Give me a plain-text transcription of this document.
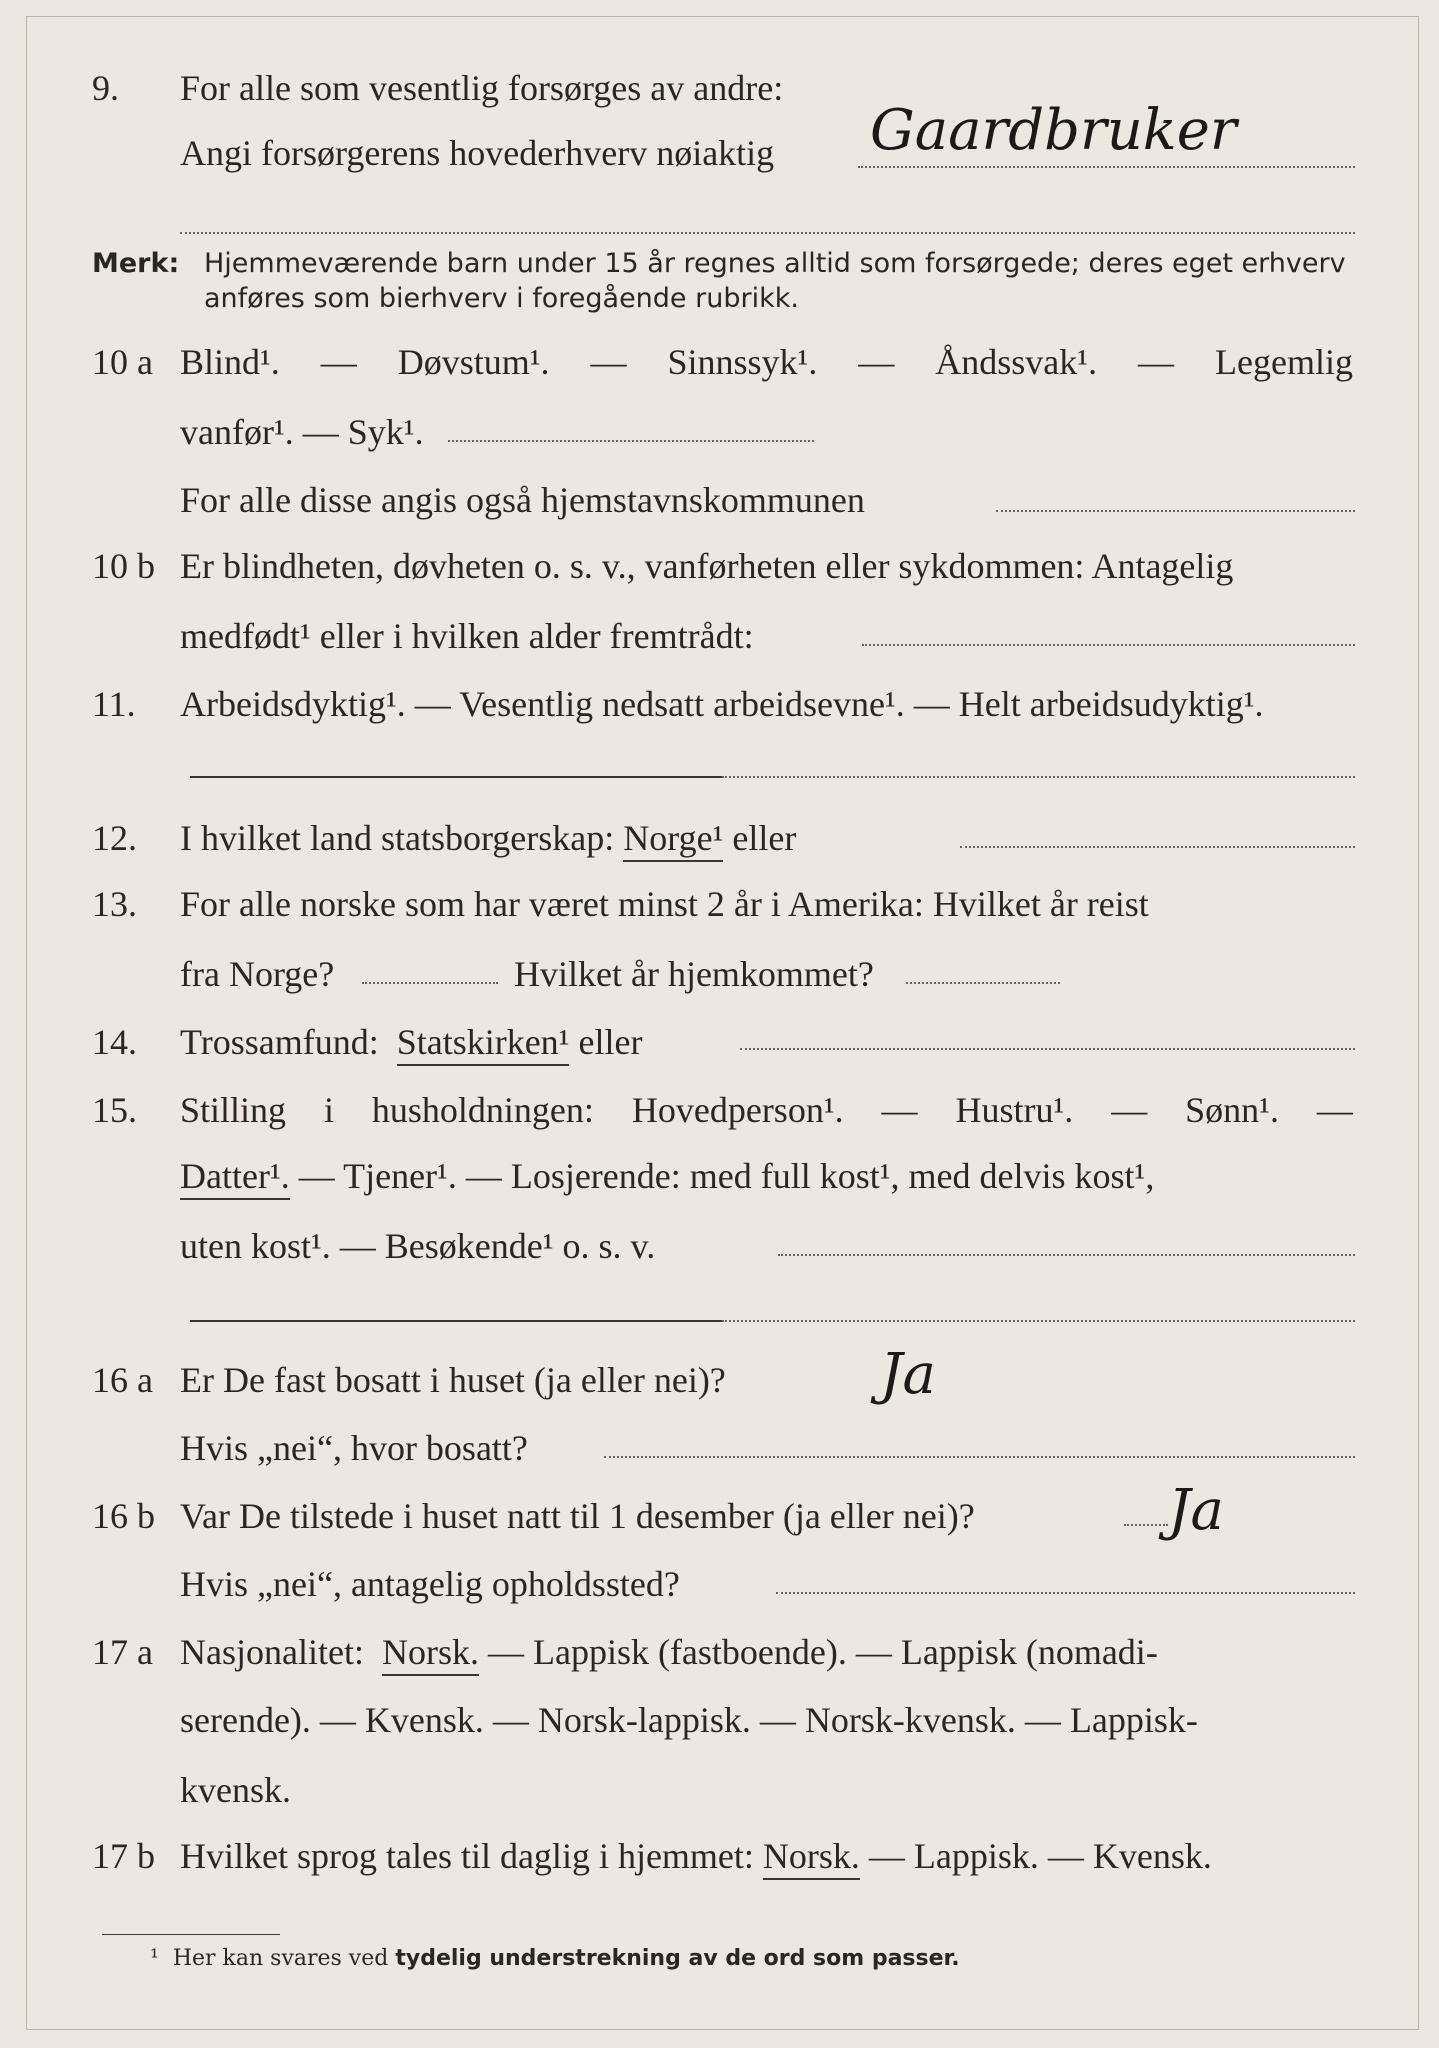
9.	For alle som vesentlig forsørges av andre:
Angi forsørgerens hovederhverv nøiaktig Gaardbruker
Merk: Hjemmeværende barn under 15 år regnes alltid som forsørgede; deres eget erhverv anføres som bierhverv i foregående rubrikk.
10 a Blind¹. — Døvstum¹. — Sinnssyk¹. — Åndssvak¹. — Legemlig
vanfør¹. — Syk¹.
For alle disse angis også hjemstavnskommunen
10 b Er blindheten, døvheten o. s. v., vanførheten eller sykdommen: Antagelig
medfødt¹ eller i hvilken alder fremtrådt:
11.	Arbeidsdyktig¹. — Vesentlig nedsatt arbeidsevne¹. — Helt arbeidsudyktig¹.
12.	I hvilket land statsborgerskap: Norge¹ eller
13.	For alle norske som har været minst 2 år i Amerika: Hvilket år reist
fra Norge?	Hvilket år hjemkommet?
14.	Trossamfund: Statskirken¹ eller
15.	Stilling i husholdningen: Hovedperson¹. — Hustru¹. — Sønn¹. —
Datter¹. — Tjener¹. — Losjerende: med full kost¹, med delvis kost¹,
uten kost¹. — Besøkende¹ o. s. v.
16 a Er De fast bosatt i huset (ja eller nei)?	Ja
Hvis „nei“, hvor bosatt?
16 b Var De tilstede i huset natt til 1 desember (ja eller nei)?	Ja
Hvis „nei“, antagelig opholdssted?
17 a Nasjonalitet: Norsk. — Lappisk (fastboende). — Lappisk (nomadi-
serende). — Kvensk. — Norsk-lappisk. — Norsk-kvensk. — Lappisk-
kvensk.
17 b Hvilket sprog tales til daglig i hjemmet: Norsk. — Lappisk. — Kvensk.
¹ Her kan svares ved tydelig understrekning av de ord som passer.
